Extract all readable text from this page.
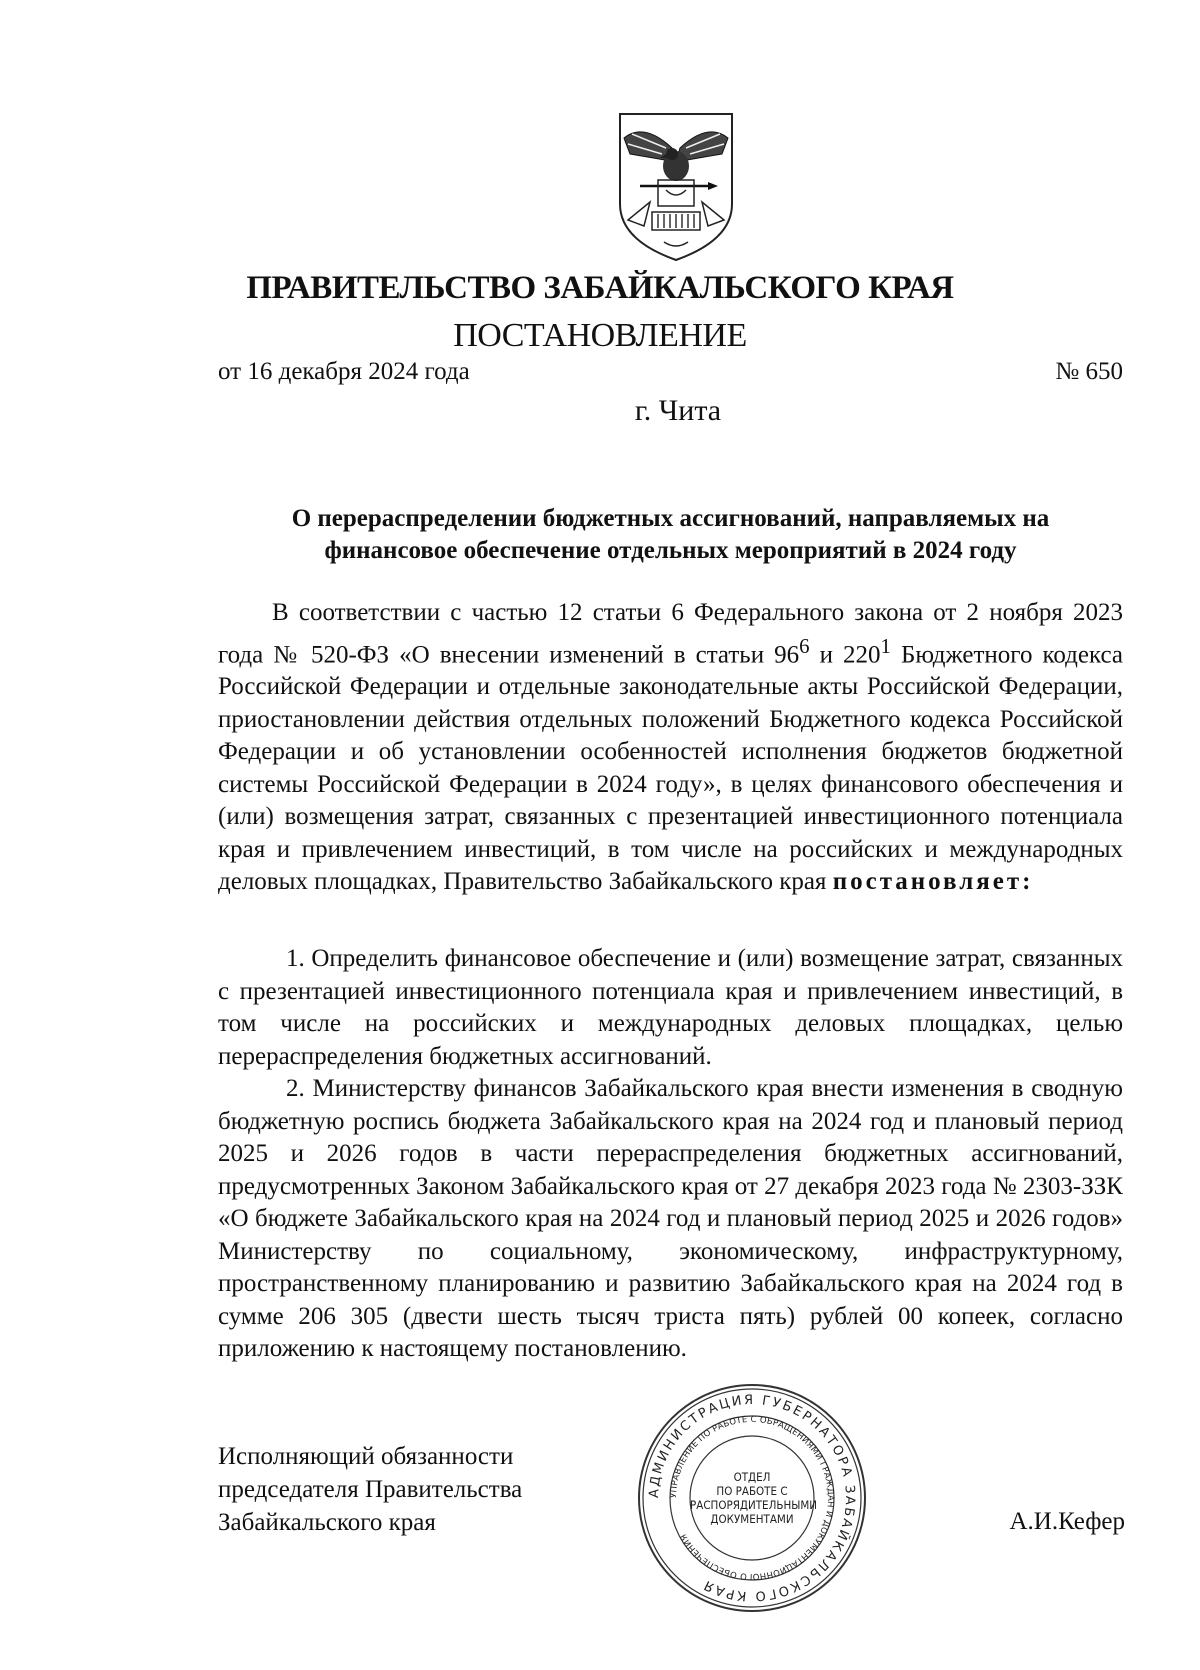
ПРАВИТЕЛЬСТВО ЗАБАЙКАЛЬСКОГО КРАЯ
ПОСТАНОВЛЕНИЕ
от 16 декабря 2024 года	№ 650
г. Чита
О перераспределении бюджетных ассигнований, направляемых на
финансовое обеспечение отдельных мероприятий в 2024 году

В соответствии с частью 12 статьи 6 Федерального закона от 2 ноября 2023 года № 520-ФЗ «О внесении изменений в статьи $96^6$ и $220^1$ Бюджетного кодекса Российской Федерации и отдельные законодательные акты Российской Федерации, приостановлении действия отдельных положений Бюджетного кодекса Российской Федерации и об установлении особенностей исполнения бюджетов бюджетной системы Российской Федерации в 2024 году», в целях финансового обеспечения и (или) возмещения затрат, связанных с презентацией инвестиционного потенциала края и привлечением инвестиций, в том числе на российских и международных деловых площадках, Правительство Забайкальского края постановляет:

1. Определить финансовое обеспечение и (или) возмещение затрат, связанных с презентацией инвестиционного потенциала края и привлечением инвестиций, в том числе на российских и международных деловых площадках, целью перераспределения бюджетных ассигнований.

2. Министерству финансов Забайкальского края внести изменения в сводную бюджетную роспись бюджета Забайкальского края на 2024 год и плановый период 2025 и 2026 годов в части перераспределения бюджетных ассигнований, предусмотренных Законом Забайкальского края от 27 декабря 2023 года № 2303-ЗЗК «О бюджете Забайкальского края на 2024 год и плановый период 2025 и 2026 годов» Министерству по социальному, экономическому, инфраструктурному, пространственному планированию и развитию Забайкальского края на 2024 год в сумме 206 305 (двести шесть тысяч триста пять) рублей 00 копеек, согласно приложению к настоящему постановлению.

Исполняющий обязанности
председателя Правительства
Забайкальского края	А.И.Кефер
АДМИНИСТРАЦИЯ ГУБЕРНАТОРА ЗАБАЙКАЛЬСКОГО КРАЯ
УПРАВЛЕНИЕ ПО РАБОТЕ С ОБРАЩЕНИЯМИ ГРАЖДАН И ДОКУМЕНТАЦИОННОГО ОБЕСПЕЧЕНИЯ
ОТДЕЛ
ПО РАБОТЕ С
РАСПОРЯДИТЕЛЬНЫМИ
ДОКУМЕНТАМИ
